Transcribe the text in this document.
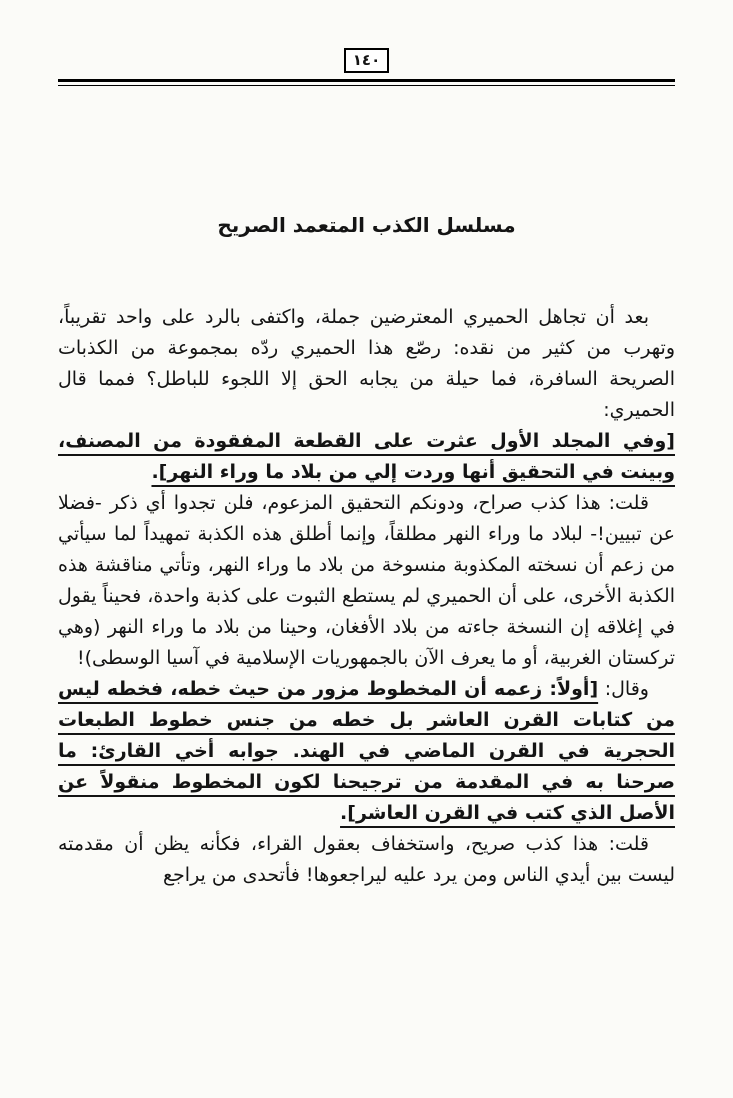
١٤٠
مسلسل الكذب المتعمد الصريح

بعد أن تجاهل الحميري المعترضين جملة، واكتفى بالرد على واحد تقريباً، وتهرب من كثير من نقده: رصّع هذا الحميري ردّه بمجموعة من الكذبات الصريحة السافرة، فما حيلة من يجابه الحق إلا اللجوء للباطل؟ فمما قال الحميري:

[وفي المجلد الأول عثرت على القطعة المفقودة من المصنف، وبينت في التحقيق أنها وردت إلي من بلاد ما وراء النهر].

قلت: هذا كذب صراح، ودونكم التحقيق المزعوم، فلن تجدوا أي ذكر -فضلا عن تبيين!- لبلاد ما وراء النهر مطلقاً، وإنما أطلق هذه الكذبة تمهيداً لما سيأتي من زعم أن نسخته المكذوبة منسوخة من بلاد ما وراء النهر، وتأتي مناقشة هذه الكذبة الأخرى، على أن الحميري لم يستطع الثبوت على كذبة واحدة، فحيناً يقول في إغلاقه إن النسخة جاءته من بلاد الأفغان، وحينا من بلاد ما وراء النهر (وهي تركستان الغربية، أو ما يعرف الآن بالجمهوريات الإسلامية في آسيا الوسطى)!

وقال: [أولاً: زعمه أن المخطوط مزور من حيث خطه، فخطه ليس من كتابات القرن العاشر بل خطه من جنس خطوط الطبعات الحجرية في القرن الماضي في الهند. جوابه أخي القارئ: ما صرحنا به في المقدمة من ترجيحنا لكون المخطوط منقولاً عن الأصل الذي كتب في القرن العاشر].

قلت: هذا كذب صريح، واستخفاف بعقول القراء، فكأنه يظن أن مقدمته ليست بين أيدي الناس ومن يرد عليه ليراجعوها! فأتحدى من يراجع
